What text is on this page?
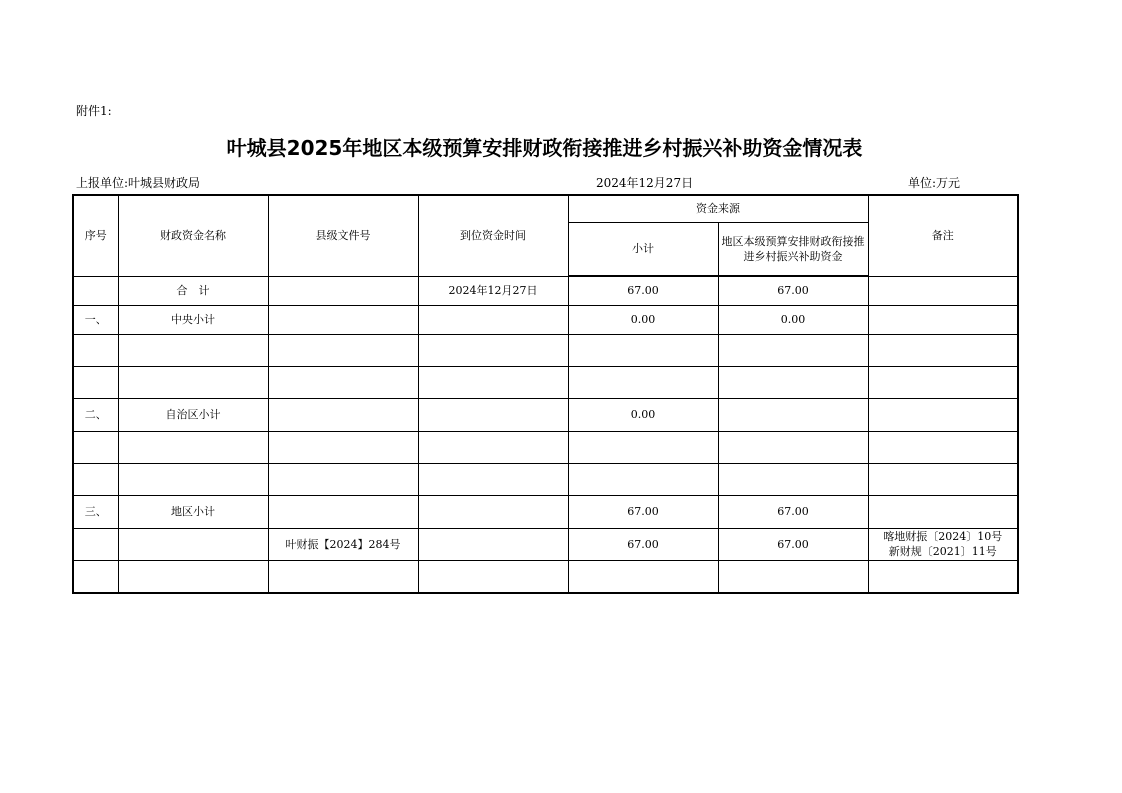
附件1:
叶城县2025年地区本级预算安排财政衔接推进乡村振兴补助资金情况表
上报单位:叶城县财政局	2024年12月27日	单位:万元
序号	财政资金名称	县级文件号	到位资金时间	资金来源		备注
				小计	地区本级预算安排财政衔接推进乡村振兴补助资金	
	合　计		2024年12月27日	67.00	67.00	

一、	中央小计			0.00	0.00	

二、	自治区小计			0.00		

三、	地区小计			67.00	67.00	

		叶财振【2024】284号		67.00	67.00	喀地财振〔2024〕10号
新财规〔2021〕11号
